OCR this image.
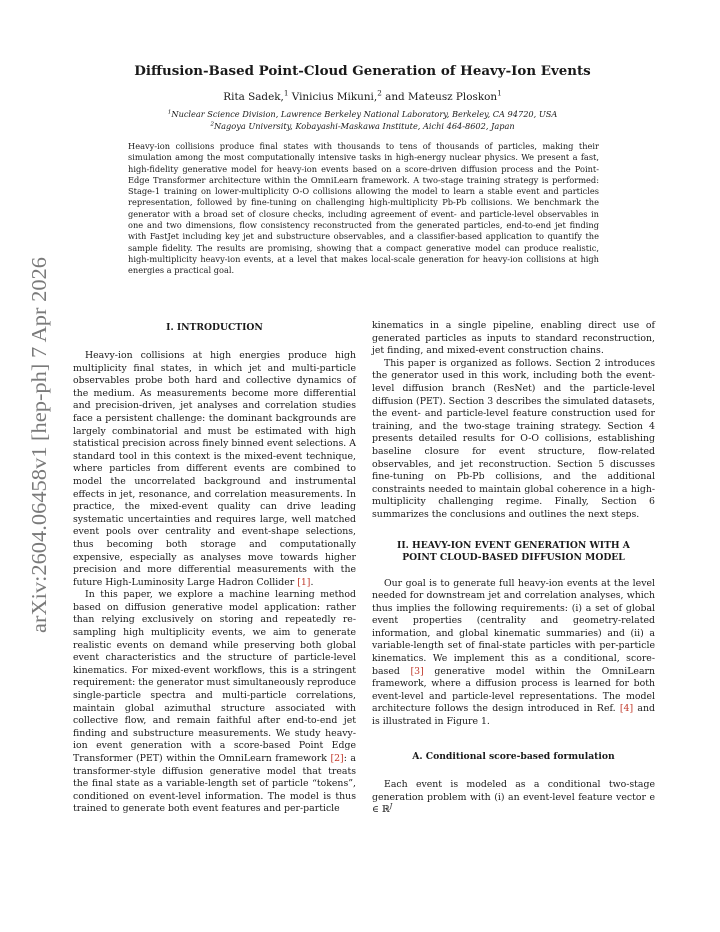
arXiv:2604.06458v1 [hep-ph] 7 Apr 2026
Diffusion-Based Point-Cloud Generation of Heavy-Ion Events
Rita Sadek,$^1$ Vinicius Mikuni,$^2$ and Mateusz Ploskon$^1$
$^1$Nuclear Science Division, Lawrence Berkeley National Laboratory, Berkeley, CA 94720, USA
$^2$Nagoya University, Kobayashi-Maskawa Institute, Aichi 464-8602, Japan
Heavy-ion collisions produce final states with thousands to tens of thousands of particles, making their simulation among the most computationally intensive tasks in high-energy nuclear physics. We present a fast, high-fidelity generative model for heavy-ion events based on a score-driven diffusion process and the Point-Edge Transformer architecture within the OmniLearn framework. A two-stage training strategy is performed: Stage-1 training on lower-multiplicity O-O collisions allowing the model to learn a stable event and particles representation, followed by fine-tuning on challenging high-multiplicity Pb-Pb collisions. We benchmark the generator with a broad set of closure checks, including agreement of event- and particle-level observables in one and two dimensions, flow consistency reconstructed from the generated particles, end-to-end jet finding with FastJet including key jet and substructure observables, and a classifier-based application to quantify the sample fidelity. The results are promising, showing that a compact generative model can produce realistic, high-multiplicity heavy-ion events, at a level that makes local-scale generation for heavy-ion collisions at high energies a practical goal.

I. INTRODUCTION

Heavy-ion collisions at high energies produce high multiplicity final states, in which jet and multi-particle observables probe both hard and collective dynamics of the medium. As measurements become more differential and precision-driven, jet analyses and correlation studies face a persistent challenge: the dominant backgrounds are largely combinatorial and must be estimated with high statistical precision across finely binned event selections. A standard tool in this context is the mixed-event technique, where particles from different events are combined to model the uncorrelated background and instrumental effects in jet, resonance, and correlation measurements. In practice, the mixed-event quality can drive leading systematic uncertainties and requires large, well matched event pools over centrality and event-shape selections, thus becoming both storage and computationally expensive, especially as analyses move towards higher precision and more differential measurements with the future High-Luminosity Large Hadron Collider [1].

In this paper, we explore a machine learning method based on diffusion generative model application: rather than relying exclusively on storing and repeatedly re-sampling high multiplicity events, we aim to generate realistic events on demand while preserving both global event characteristics and the structure of particle-level kinematics. For mixed-event workflows, this is a stringent requirement: the generator must simultaneously reproduce single-particle spectra and multi-particle correlations, maintain global azimuthal structure associated with collective flow, and remain faithful after end-to-end jet finding and substructure measurements. We study heavy-ion event generation with a score-based Point Edge Transformer (PET) within the OmniLearn framework [2]: a transformer-style diffusion generative model that treats the final state as a variable-length set of particle “tokens”, conditioned on event-level information. The model is thus trained to generate both event features and per-particle

kinematics in a single pipeline, enabling direct use of generated particles as inputs to standard reconstruction, jet finding, and mixed-event construction chains.

This paper is organized as follows. Section 2 introduces the generator used in this work, including both the event-level diffusion branch (ResNet) and the particle-level diffusion (PET). Section 3 describes the simulated datasets, the event- and particle-level feature construction used for training, and the two-stage training strategy. Section 4 presents detailed results for O-O collisions, establishing baseline closure for event structure, flow-related observables, and jet reconstruction. Section 5 discusses fine-tuning on Pb-Pb collisions, and the additional constraints needed to maintain global coherence in a high-multiplicity challenging regime. Finally, Section 6 summarizes the conclusions and outlines the next steps.

II. HEAVY-ION EVENT GENERATION WITH A
POINT CLOUD-BASED DIFFUSION MODEL

Our goal is to generate full heavy-ion events at the level needed for downstream jet and correlation analyses, which thus implies the following requirements: (i) a set of global event properties (centrality and geometry-related information, and global kinematic summaries) and (ii) a variable-length set of final-state particles with per-particle kinematics. We implement this as a conditional, score-based [3] generative model within the OmniLearn framework, where a diffusion process is learned for both event-level and particle-level representations. The model architecture follows the design introduced in Ref. [4] and is illustrated in Figure 1.

A. Conditional score-based formulation

Each event is modeled as a conditional two-stage generation problem with (i) an event-level feature vector e ∈ ℝ$^J$
